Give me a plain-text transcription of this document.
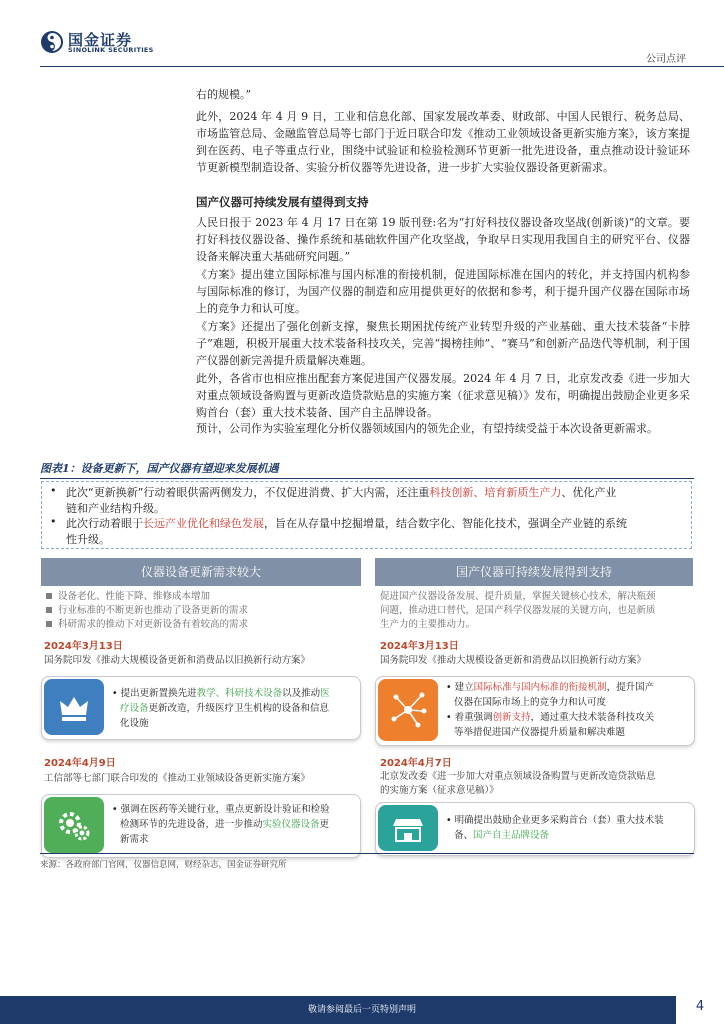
国金证券
SINOLINK SECURITIES
公司点评

右的规模。”

此外，2024 年 4 月 9 日，工业和信息化部、国家发展改革委、财政部、中国人民银行、税务总局、市场监管总局、金融监管总局等七部门于近日联合印发《推动工业领域设备更新实施方案》，该方案提到在医药、电子等重点行业，围绕中试验证和检验检测环节更新一批先进设备，重点推动设计验证环节更新模型制造设备、实验分析仪器等先进设备，进一步扩大实验仪器设备更新需求。

国产仪器可持续发展有望得到支持

人民日报于 2023 年 4 月 17 日在第 19 版刊登:名为“打好科技仪器设备攻坚战(创新谈)”的文章。要打好科技仪器设备、操作系统和基础软件国产化攻坚战，争取早日实现用我国自主的研究平台、仪器设备来解决重大基础研究问题。”

《方案》提出建立国际标准与国内标准的衔接机制，促进国际标准在国内的转化，并支持国内机构参与国际标准的修订，为国产仪器的制造和应用提供更好的依据和参考，利于提升国产仪器在国际市场上的竞争力和认可度。

《方案》还提出了强化创新支撑，聚焦长期困扰传统产业转型升级的产业基础、重大技术装备“卡脖子”难题，积极开展重大技术装备科技攻关，完善“揭榜挂帅”、“赛马”和创新产品迭代等机制，利于国产仪器创新完善提升质量解决难题。

此外，各省市也相应推出配套方案促进国产仪器发展。2024 年 4 月 7 日，北京发改委《进一步加大对重点领域设备购置与更新改造贷款贴息的实施方案（征求意见稿）》发布，明确提出鼓励企业更多采购首台（套）重大技术装备、国产自主品牌设备。

预计，公司作为实验室理化分析仪器领域国内的领先企业，有望持续受益于本次设备更新需求。

图表1：设备更新下，国产仪器有望迎来发展机遇
• 此次“更新换新”行动着眼供需两侧发力，不仅促进消费、扩大内需，还注重科技创新、培育新质生产力、优化产业
链和产业结构升级。
• 此次行动着眼于长远产业优化和绿色发展，旨在从存量中挖掘增量，结合数字化、智能化技术，强调全产业链的系统
性升级。
仪器设备更新需求较大
设备老化、性能下降、维修成本增加
行业标准的不断更新也推动了设备更新的需求
科研需求的推动下对更新设备有着较高的需求
2024年3月13日
国务院印发《推动大规模设备更新和消费品以旧换新行动方案》
• 提出更新置换先进教学、科研技术设备以及推动医
疗设备更新改造，升级医疗卫生机构的设备和信息
化设施
2024年4月9日
工信部等七部门联合印发的《推动工业领域设备更新实施方案》
• 强调在医药等关键行业，重点更新设计验证和检验
检测环节的先进设备，进一步推动实验仪器设备更
新需求
国产仪器可持续发展得到支持
促进国产仪器设备发展、提升质量，掌握关键核心技术，解决瓶颈
问题，推动进口替代，是国产科学仪器发展的关键方向，也是新质
生产力的主要推动力。
2024年3月13日
国务院印发《推动大规模设备更新和消费品以旧换新行动方案》
• 建立国际标准与国内标准的衔接机制，提升国产
仪器在国际市场上的竞争力和认可度
• 着重强调创新支持，通过重大技术装备科技攻关
等举措促进国产仪器提升质量和解决难题
2024年4月7日
北京发改委《进一步加大对重点领域设备购置与更新改造贷款贴息
的实施方案（征求意见稿）》
• 明确提出鼓励企业更多采购首台（套）重大技术装
备、国产自主品牌设备
来源：各政府部门官网，仪器信息网，财经杂志，国金证券研究所
敬请参阅最后一页特别声明	4
